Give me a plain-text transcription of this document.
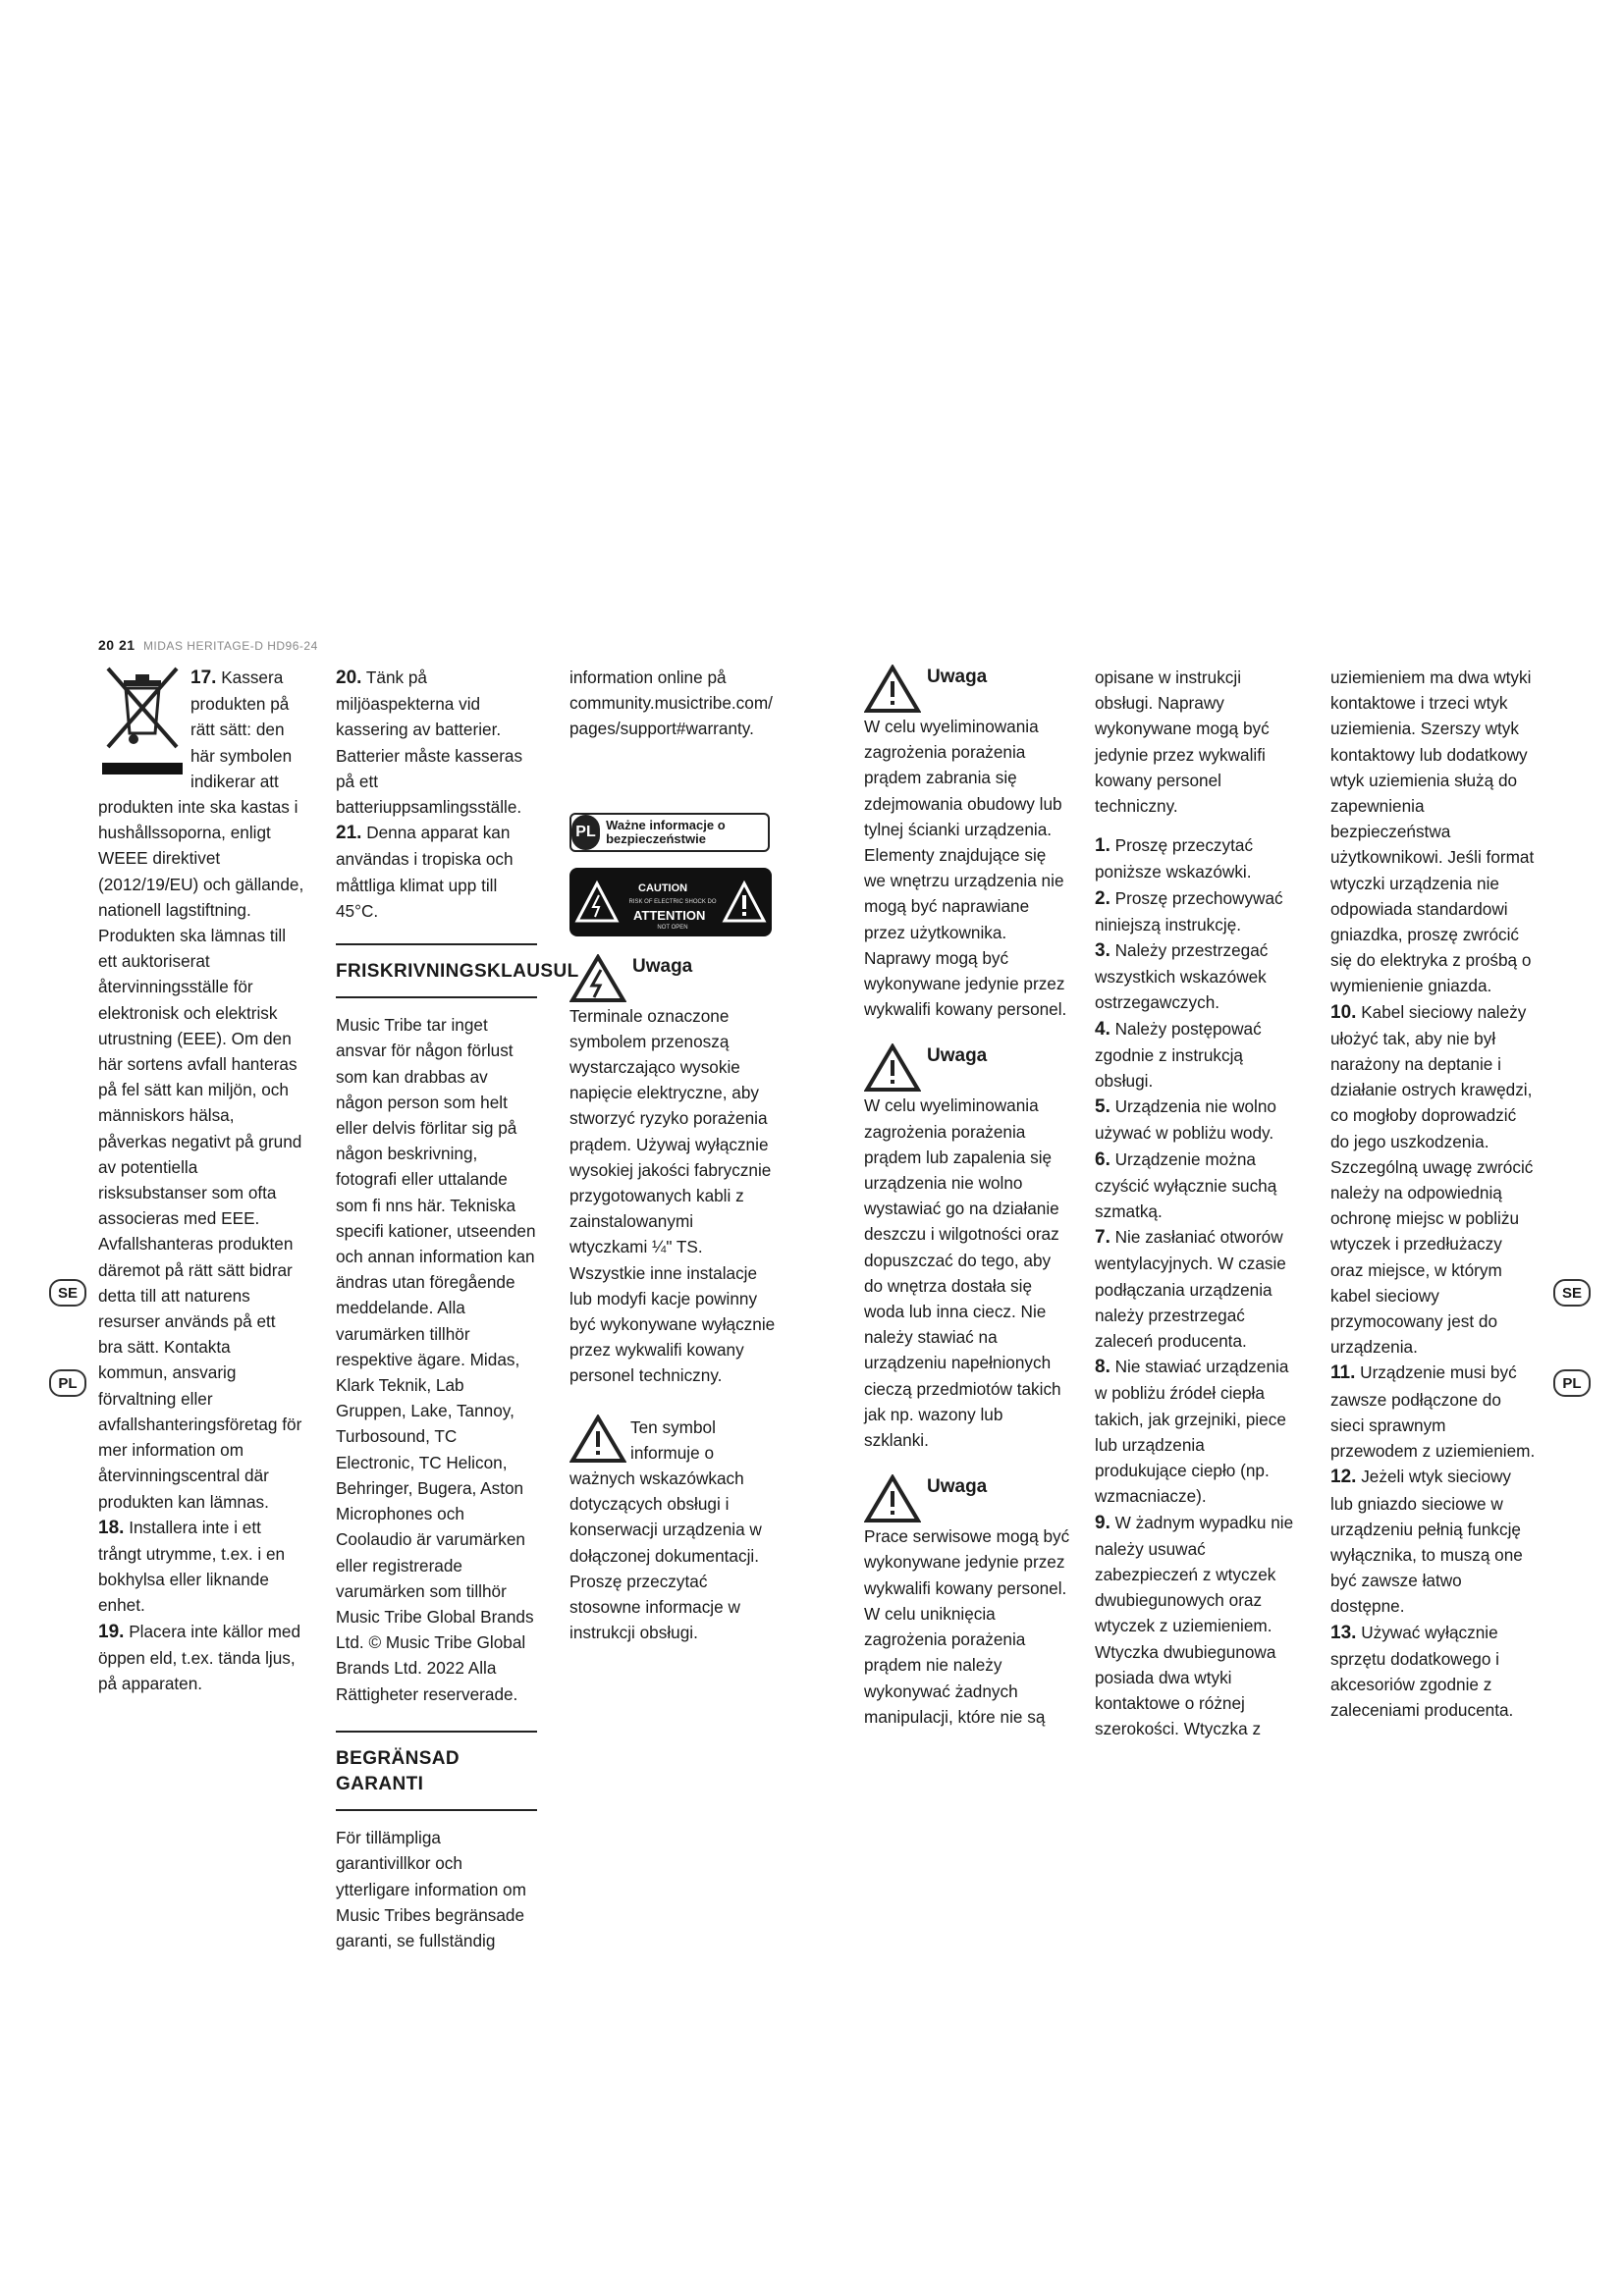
20 21 MIDAS HERITAGE-D HD96-24
SE
PL
SE
PL

17. Kassera produkten på rätt sätt: den här symbolen indikerar att produkten inte ska kastas i hushållssoporna, enligt WEEE direktivet (2012/19/EU) och gällande, nationell lagstiftning. Produkten ska lämnas till ett auktoriserat återvinningsställe för elektronisk och elektrisk utrustning (EEE). Om den här sortens avfall hanteras på fel sätt kan miljön, och människors hälsa, påverkas negativt på grund av potentiella risksubstanser som ofta associeras med EEE. Avfallshanteras produkten däremot på rätt sätt bidrar detta till att naturens resurser används på ett bra sätt. Kontakta kommun, ansvarig förvaltning eller avfallshanteringsföretag för mer information om återvinningscentral där produkten kan lämnas.

18. Installera inte i ett trångt utrymme, t.ex. i en bokhylsa eller liknande enhet.

19. Placera inte källor med öppen eld, t.ex. tända ljus, på apparaten.

20. Tänk på miljöaspekterna vid kassering av batterier. Batterier måste kasseras på ett batteriuppsamlingsställe.

21. Denna apparat kan användas i tropiska och måttliga klimat upp till 45°C.

FRISKRIVNINGSKLAUSUL

Music Tribe tar inget ansvar för någon förlust som kan drabbas av någon person som helt eller delvis förlitar sig på någon beskrivning, fotografi eller uttalande som fi nns här. Tekniska specifi kationer, utseenden och annan information kan ändras utan föregående meddelande. Alla varumärken tillhör respektive ägare. Midas, Klark Teknik, Lab Gruppen, Lake, Tannoy, Turbosound, TC Electronic, TC Helicon, Behringer, Bugera, Aston Microphones och Coolaudio är varumärken eller registrerade varumärken som tillhör Music Tribe Global Brands Ltd. © Music Tribe Global Brands Ltd. 2022 Alla Rättigheter reserverade.

BEGRÄNSAD GARANTI

För tillämpliga garantivillkor och ytterligare information om Music Tribes begränsade garanti, se fullständig

information online på community.musictribe.com/ pages/support#warranty.

PL Ważne informacje o bezpieczeństwie
CAUTION
RISK OF ELECTRIC SHOCK DO NOT OPEN
ATTENTION
Uwaga

Terminale oznaczone symbolem przenoszą wystarczająco wysokie napięcie elektryczne, aby stworzyć ryzyko porażenia prądem. Używaj wyłącznie wysokiej jakości fabrycznie przygotowanych kabli z zainstalowanymi wtyczkami ¼" TS. Wszystkie inne instalacje lub modyfi kacje powinny być wykonywane wyłącznie przez wykwalifi kowany personel techniczny.

Ten symbol informuje o ważnych wskazówkach dotyczących obsługi i konserwacji urządzenia w dołączonej dokumentacji. Proszę przeczytać stosowne informacje w instrukcji obsługi.

Uwaga

W celu wyeliminowania zagrożenia porażenia prądem zabrania się zdejmowania obudowy lub tylnej ścianki urządzenia. Elementy znajdujące się we wnętrzu urządzenia nie mogą być naprawiane przez użytkownika. Naprawy mogą być wykonywane jedynie przez wykwalifi kowany personel.

Uwaga

W celu wyeliminowania zagrożenia porażenia prądem lub zapalenia się urządzenia nie wolno wystawiać go na działanie deszczu i wilgotności oraz dopuszczać do tego, aby do wnętrza dostała się woda lub inna ciecz. Nie należy stawiać na urządzeniu napełnionych cieczą przedmiotów takich jak np. wazony lub szklanki.

Uwaga

Prace serwisowe mogą być wykonywane jedynie przez wykwalifi kowany personel. W celu uniknięcia zagrożenia porażenia prądem nie należy wykonywać żadnych manipulacji, które nie są

opisane w instrukcji obsługi. Naprawy wykonywane mogą być jedynie przez wykwalifi kowany personel techniczny.

1. Proszę przeczytać poniższe wskazówki.

2. Proszę przechowywać niniejszą instrukcję.

3. Należy przestrzegać wszystkich wskazówek ostrzegawczych.

4. Należy postępować zgodnie z instrukcją obsługi.

5. Urządzenia nie wolno używać w pobliżu wody.

6. Urządzenie można czyścić wyłącznie suchą szmatką.

7. Nie zasłaniać otworów wentylacyjnych. W czasie podłączania urządzenia należy przestrzegać zaleceń producenta.

8. Nie stawiać urządzenia w pobliżu źródeł ciepła takich, jak grzejniki, piece lub urządzenia produkujące ciepło (np. wzmacniacze).

9. W żadnym wypadku nie należy usuwać zabezpieczeń z wtyczek dwubiegunowych oraz wtyczek z uziemieniem. Wtyczka dwubiegunowa posiada dwa wtyki kontaktowe o różnej szerokości. Wtyczka z

uziemieniem ma dwa wtyki kontaktowe i trzeci wtyk uziemienia. Szerszy wtyk kontaktowy lub dodatkowy wtyk uziemienia służą do zapewnienia bezpieczeństwa użytkownikowi. Jeśli format wtyczki urządzenia nie odpowiada standardowi gniazdka, proszę zwrócić się do elektryka z prośbą o wymienienie gniazda.

10. Kabel sieciowy należy ułożyć tak, aby nie był narażony na deptanie i działanie ostrych krawędzi, co mogłoby doprowadzić do jego uszkodzenia. Szczególną uwagę zwrócić należy na odpowiednią ochronę miejsc w pobliżu wtyczek i przedłużaczy oraz miejsce, w którym kabel sieciowy przymocowany jest do urządzenia.

11. Urządzenie musi być zawsze podłączone do sieci sprawnym przewodem z uziemieniem.

12. Jeżeli wtyk sieciowy lub gniazdo sieciowe w urządzeniu pełnią funkcję wyłącznika, to muszą one być zawsze łatwo dostępne.

13. Używać wyłącznie sprzętu dodatkowego i akcesoriów zgodnie z zaleceniami producenta.
